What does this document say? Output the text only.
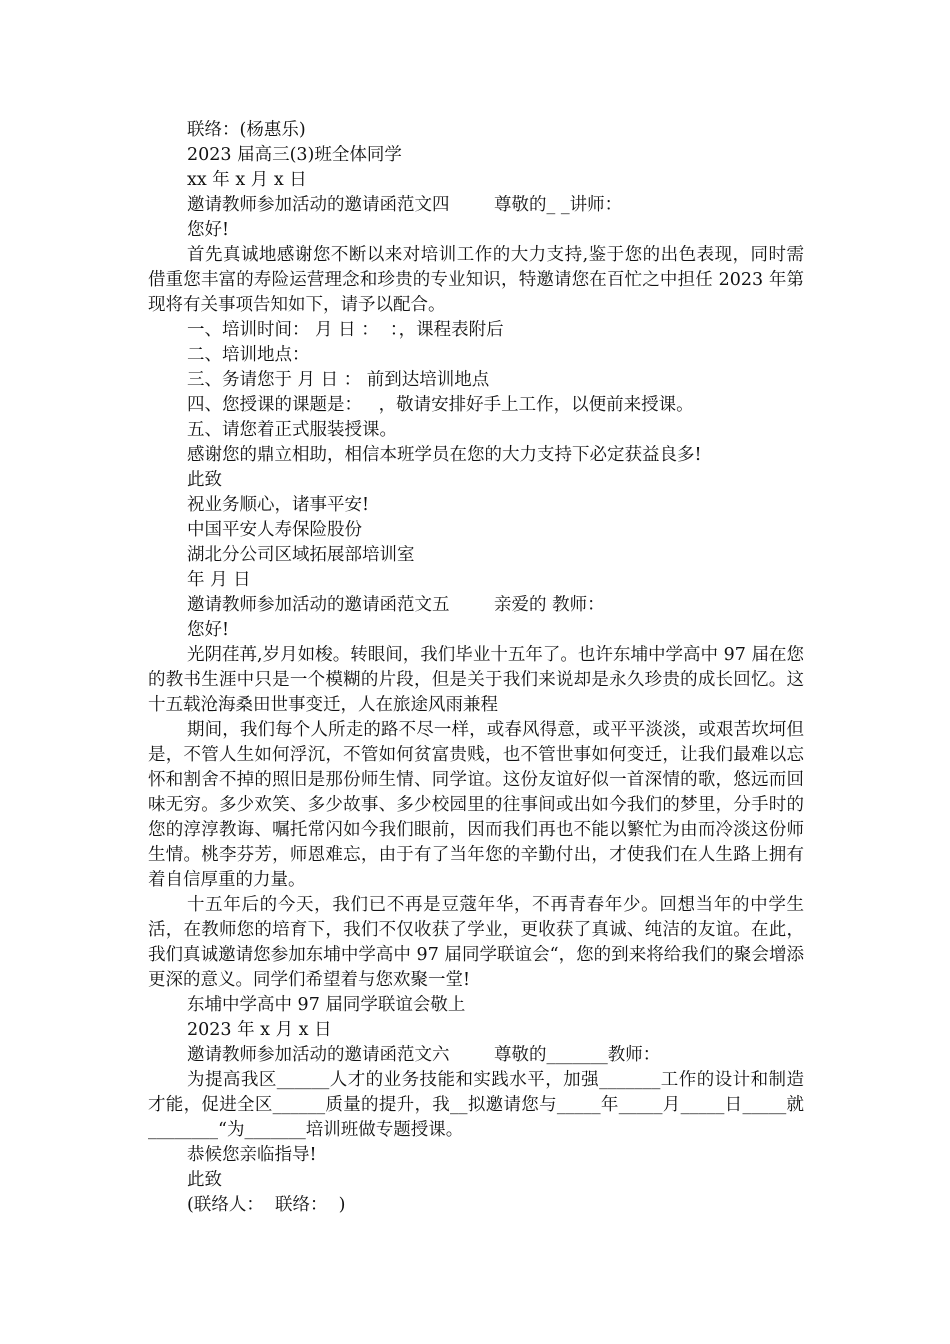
联络：(杨惠乐)
2023 届高三(3)班全体同学
xx 年 x 月 x 日
邀请教师参加活动的邀请函范文四        尊敬的_ _讲师：
您好!
首先真诚地感谢您不断以来对培训工作的大力支持,鉴于您的出色表现，同时需借重您丰富的寿险运营理念和珍贵的专业知识，特邀请您在百忙之中担任 2023 年第现将有关事项告知如下，请予以配合。
一、培训时间： 月 日 ：  ：，课程表附后
二、培训地点：
三、务请您于 月 日 ： 前到达培训地点
四、您授课的课题是：   ，敬请安排好手上工作，以便前来授课。
五、请您着正式服装授课。
感谢您的鼎立相助，相信本班学员在您的大力支持下必定获益良多!
此致
祝业务顺心，诸事平安!
中国平安人寿保险股份
湖北分公司区域拓展部培训室
年 月 日
邀请教师参加活动的邀请函范文五        亲爱的 教师：
您好!
光阴荏苒,岁月如梭。转眼间，我们毕业十五年了。也许东埔中学高中 97 届在您的教书生涯中只是一个模糊的片段，但是关于我们来说却是永久珍贵的成长回忆。这十五载沧海桑田世事变迁，人在旅途风雨兼程
期间，我们每个人所走的路不尽一样，或春风得意，或平平淡淡，或艰苦坎坷但是，不管人生如何浮沉，不管如何贫富贵贱，也不管世事如何变迁，让我们最难以忘怀和割舍不掉的照旧是那份师生情、同学谊。这份友谊好似一首深情的歌，悠远而回味无穷。多少欢笑、多少故事、多少校园里的往事间或出如今我们的梦里，分手时的您的淳淳教诲、嘱托常闪如今我们眼前，因而我们再也不能以繁忙为由而冷淡这份师生情。桃李芬芳，师恩难忘，由于有了当年您的辛勤付出，才使我们在人生路上拥有着自信厚重的力量。
十五年后的今天，我们已不再是豆蔻年华，不再青春年少。回想当年的中学生活，在教师您的培育下，我们不仅收获了学业，更收获了真诚、纯洁的友谊。在此，我们真诚邀请您参加东埔中学高中 97 届同学联谊会“，您的到来将给我们的聚会增添更深的意义。同学们希望着与您欢聚一堂!
东埔中学高中 97 届同学联谊会敬上
2023 年 x 月 x 日
邀请教师参加活动的邀请函范文六        尊敬的_______教师：
为提高我区______人才的业务技能和实践水平，加强_______工作的设计和制造才能，促进全区______质量的提升，我__拟邀请您与_____年_____月_____日_____就________“为_______培训班做专题授课。
恭候您亲临指导!
此致
(联络人：  联络：  )
